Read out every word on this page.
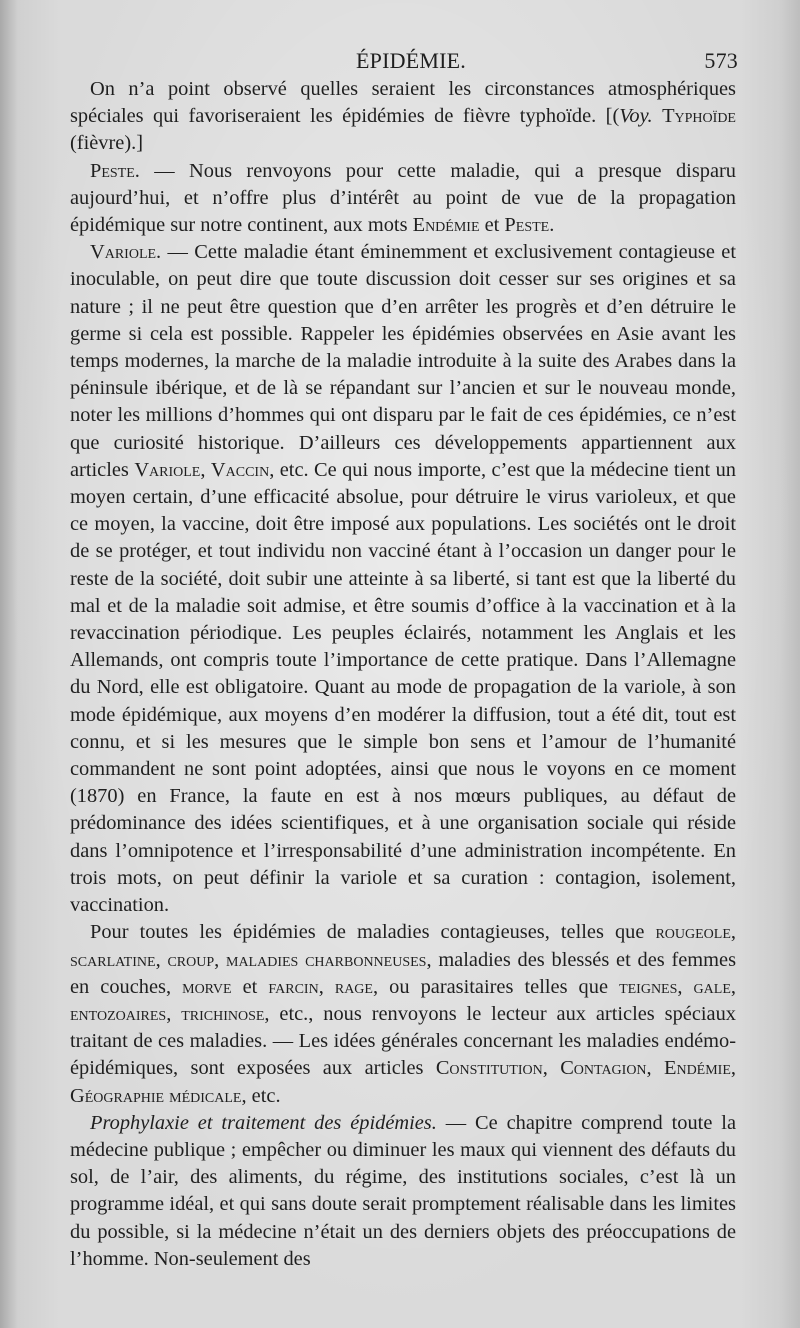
ÉPIDÉMIE.	573

On n’a point observé quelles seraient les circonstances atmosphériques spéciales qui favoriseraient les épidémies de fièvre typhoïde. [(Voy. Typhoïde (fièvre).]

Peste. — Nous renvoyons pour cette maladie, qui a presque disparu aujourd’hui, et n’offre plus d’intérêt au point de vue de la propagation épidémique sur notre continent, aux mots Endémie et Peste.

Variole. — Cette maladie étant éminemment et exclusivement contagieuse et inoculable, on peut dire que toute discussion doit cesser sur ses origines et sa nature ; il ne peut être question que d’en arrêter les progrès et d’en détruire le germe si cela est possible. Rappeler les épidémies observées en Asie avant les temps modernes, la marche de la maladie introduite à la suite des Arabes dans la péninsule ibérique, et de là se répandant sur l’ancien et sur le nouveau monde, noter les millions d’hommes qui ont disparu par le fait de ces épidémies, ce n’est que curiosité historique. D’ailleurs ces développements appartiennent aux articles Variole, Vaccin, etc. Ce qui nous importe, c’est que la médecine tient un moyen certain, d’une efficacité absolue, pour détruire le virus varioleux, et que ce moyen, la vaccine, doit être imposé aux populations. Les sociétés ont le droit de se protéger, et tout individu non vacciné étant à l’occasion un danger pour le reste de la société, doit subir une atteinte à sa liberté, si tant est que la liberté du mal et de la maladie soit admise, et être soumis d’office à la vaccination et à la revaccination périodique. Les peuples éclairés, notamment les Anglais et les Allemands, ont compris toute l’importance de cette pratique. Dans l’Allemagne du Nord, elle est obligatoire. Quant au mode de propagation de la variole, à son mode épidémique, aux moyens d’en modérer la diffusion, tout a été dit, tout est connu, et si les mesures que le simple bon sens et l’amour de l’humanité commandent ne sont point adoptées, ainsi que nous le voyons en ce moment (1870) en France, la faute en est à nos mœurs publiques, au défaut de prédominance des idées scientifiques, et à une organisation sociale qui réside dans l’omnipotence et l’irresponsabilité d’une administration incompétente. En trois mots, on peut définir la variole et sa curation : contagion, isolement, vaccination.

Pour toutes les épidémies de maladies contagieuses, telles que rougeole, scarlatine, croup, maladies charbonneuses, maladies des blessés et des femmes en couches, morve et farcin, rage, ou parasitaires telles que teignes, gale, entozoaires, trichinose, etc., nous renvoyons le lecteur aux articles spéciaux traitant de ces maladies. — Les idées générales concernant les maladies endémo-épidémiques, sont exposées aux articles Constitution, Contagion, Endémie, Géographie médicale, etc.

Prophylaxie et traitement des épidémies. — Ce chapitre comprend toute la médecine publique ; empêcher ou diminuer les maux qui viennent des défauts du sol, de l’air, des aliments, du régime, des institutions sociales, c’est là un programme idéal, et qui sans doute serait promptement réalisable dans les limites du possible, si la médecine n’était un des derniers objets des préoccupations de l’homme. Non-seulement des
